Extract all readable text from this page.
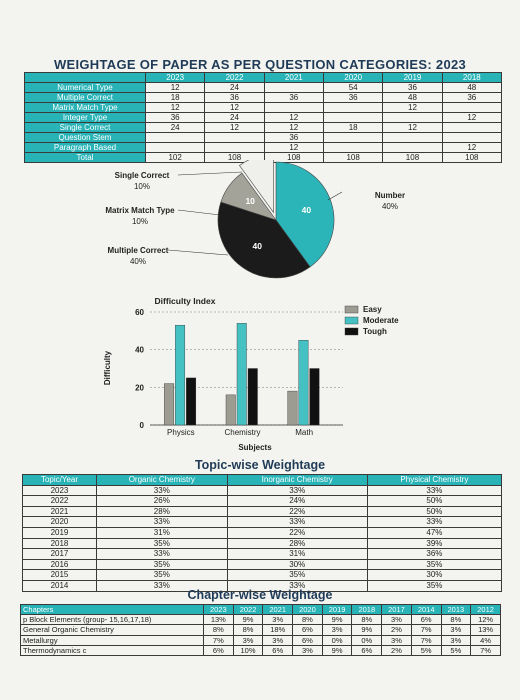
WEIGHTAGE OF PAPER AS PER QUESTION CATEGORIES: 2023
	2023	2022	2021	2020	2019	2018
Numerical Type	12	24		54	36	48
Multiple Correct	18	36	36	36	48	36
Matrix Match Type	12	12			12	
Integer Type	36	24	12			12
Single Correct	24	12	12	18	12	
Question Stem			36			
Paragraph Based			12			12
Total	102	108	108	108	108	108
40
40
10
Number
40%
Multiple Correct
40%
Matrix Match Type
10%
Single Correct
10%
0
20
40
60
Physics	Chemistry	Math
Difficulty Index
Subjects
Difficulty
Easy
Moderate
Tough
Topic-wise Weightage
Topic/Year	Organic Chemistry	Inorganic Chemistry	Physical Chemistry
2023	33%	33%	33%
2022	26%	24%	50%
2021	28%	22%	50%
2020	33%	33%	33%
2019	31%	22%	47%
2018	35%	28%	39%
2017	33%	31%	36%
2016	35%	30%	35%
2015	35%	35%	30%
2014	33%	33%	35%
Chapter-wise Weightage
Chapters	2023	2022	2021	2020	2019	2018	2017	2014	2013	2012
p Block Elements (group- 15,16,17,18)	13%	9%	3%	8%	9%	8%	3%	6%	8%	12%
General Organic Chemistry	8%	8%	18%	6%	3%	9%	2%	7%	3%	13%
Metallurgy	7%	3%	3%	6%	0%	0%	3%	7%	3%	4%
Thermodynamics c	6%	10%	6%	3%	9%	6%	2%	5%	5%	7%
